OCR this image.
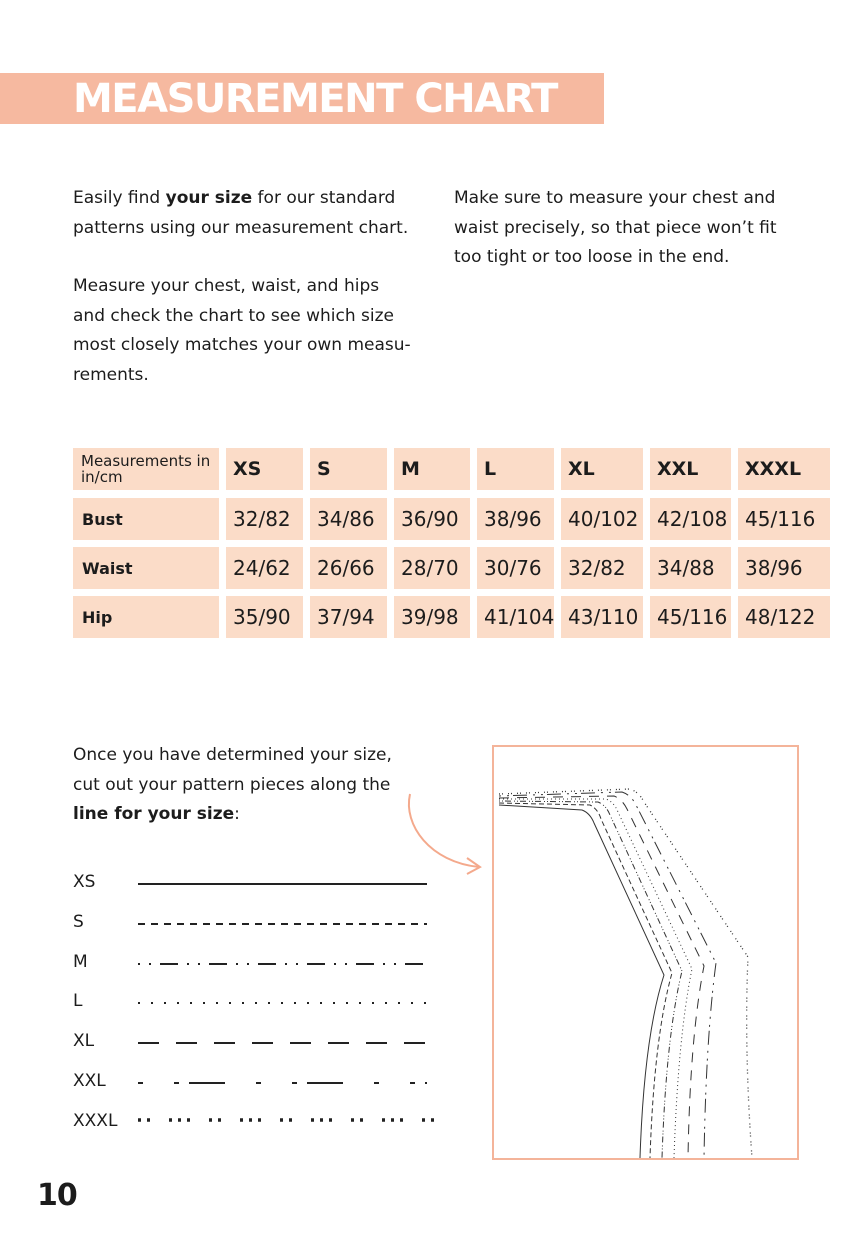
MEASUREMENT CHART
Easily find your size for our standard
patterns using our measurement chart.
Measure your chest, waist, and hips
and check the chart to see which size
most closely matches your own measu-
rements.
Make sure to measure your chest and
waist precisely, so that piece won’t fit
too tight or too loose in the end.
Measurements in in/cm	XS	S	M	L	XL	XXL	XXXL
Bust	32/82	34/86	36/90	38/96	40/102 42/108 45/116
Waist	24/62	26/66	28/70	30/76	32/82	34/88	38/96
Hip	35/90	37/94	39/98	41/104 43/110 45/116 48/122
Once you have determined your size,
cut out your pattern pieces along the
line for your size:
XS
S
M
L
XL
XXL
XXXL
10
